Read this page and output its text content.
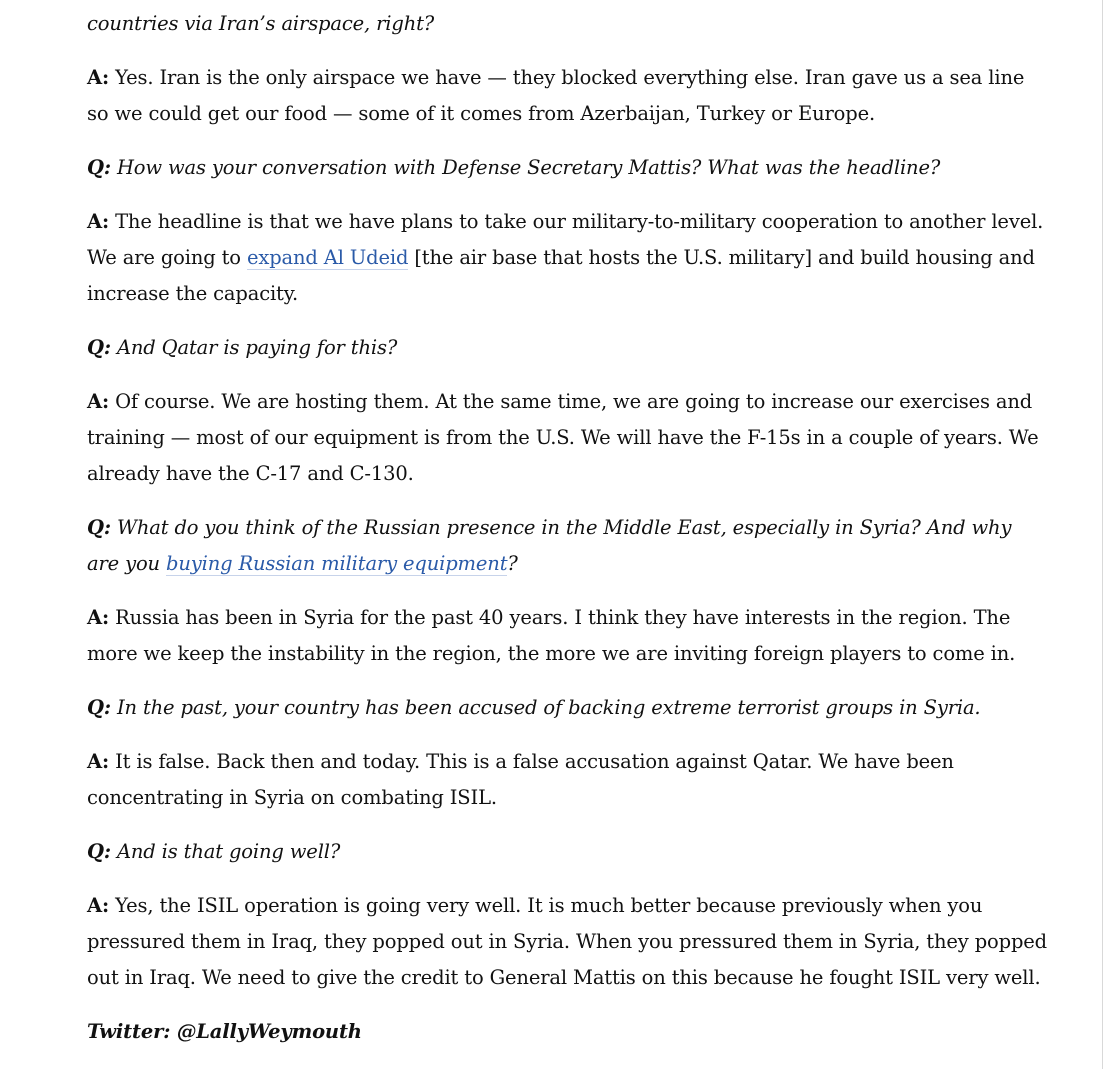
countries via Iran’s airspace, right?

A: Yes. Iran is the only airspace we have — they blocked everything else. Iran gave us a sea line so we could get our food — some of it comes from Azerbaijan, Turkey or Europe.

Q: How was your conversation with Defense Secretary Mattis? What was the headline?

A: The headline is that we have plans to take our military-to-military cooperation to another level. We are going to expand Al Udeid [the air base that hosts the U.S. military] and build housing and increase the capacity.

Q: And Qatar is paying for this?

A: Of course. We are hosting them. At the same time, we are going to increase our exercises and training — most of our equipment is from the U.S. We will have the F-15s in a couple of years. We already have the C-17 and C-130.

Q: What do you think of the Russian presence in the Middle East, especially in Syria? And why are you buying Russian military equipment?

A: Russia has been in Syria for the past 40 years. I think they have interests in the region. The more we keep the instability in the region, the more we are inviting foreign players to come in.

Q: In the past, your country has been accused of backing extreme terrorist groups in Syria.

A: It is false. Back then and today. This is a false accusation against Qatar. We have been concentrating in Syria on combating ISIL.

Q: And is that going well?

A: Yes, the ISIL operation is going very well. It is much better because previously when you pressured them in Iraq, they popped out in Syria. When you pressured them in Syria, they popped out in Iraq. We need to give the credit to General Mattis on this because he fought ISIL very well.

Twitter: @LallyWeymouth
